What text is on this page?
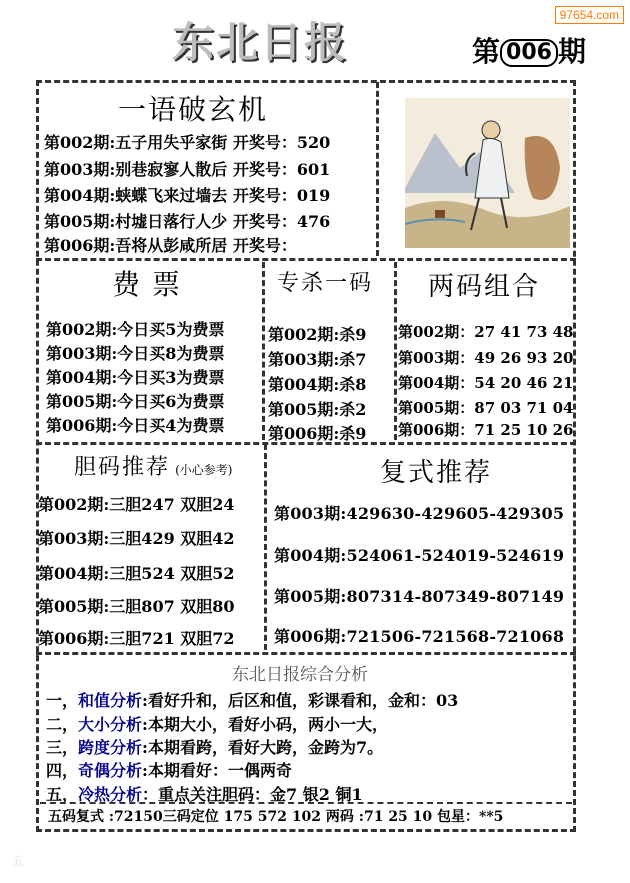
97654.com
东北日报	第 006 期
一语破玄机
第002期:五子用失乎家街 开奖号：520
第003期:别巷寂寥人散后 开奖号：601
第004期:蛱蝶飞来过墙去 开奖号：019
第005期:村墟日落行人少 开奖号：476
第006期:吾将从彭咸所居 开奖号：
费票
第002期:今日买5为费票
第003期:今日买8为费票
第004期:今日买3为费票
第005期:今日买6为费票
第006期:今日买4为费票
专杀一码
第002期:杀9
第003期:杀7
第004期:杀8
第005期:杀2
第006期:杀9
两码组合
第002期：27 41 73 48
第003期：49 26 93 20
第004期：54 20 46 21
第005期：87 03 71 04
第006期：71 25 10 26
胆码推荐 (小心参考)
第002期:三胆247 双胆24
第003期:三胆429 双胆42
第004期:三胆524 双胆52
第005期:三胆807 双胆80
第006期:三胆721 双胆72
复式推荐
第003期:429630-429605-429305
第004期:524061-524019-524619
第005期:807314-807349-807149
第006期:721506-721568-721068
东北日报综合分析
一，和值分析:看好升和，后区和值，彩课看和，金和：03
二，大小分析:本期大小，看好小码，两小一大，
三，跨度分析:本期看跨，看好大跨，金跨为7。
四，奇偶分析:本期看好：一偶两奇
五，冷热分析：重点关注胆码：金7 银2 铜1
五码复式 :72150三码定位 175 572 102 两码 :71 25 10 包星：**5
五
